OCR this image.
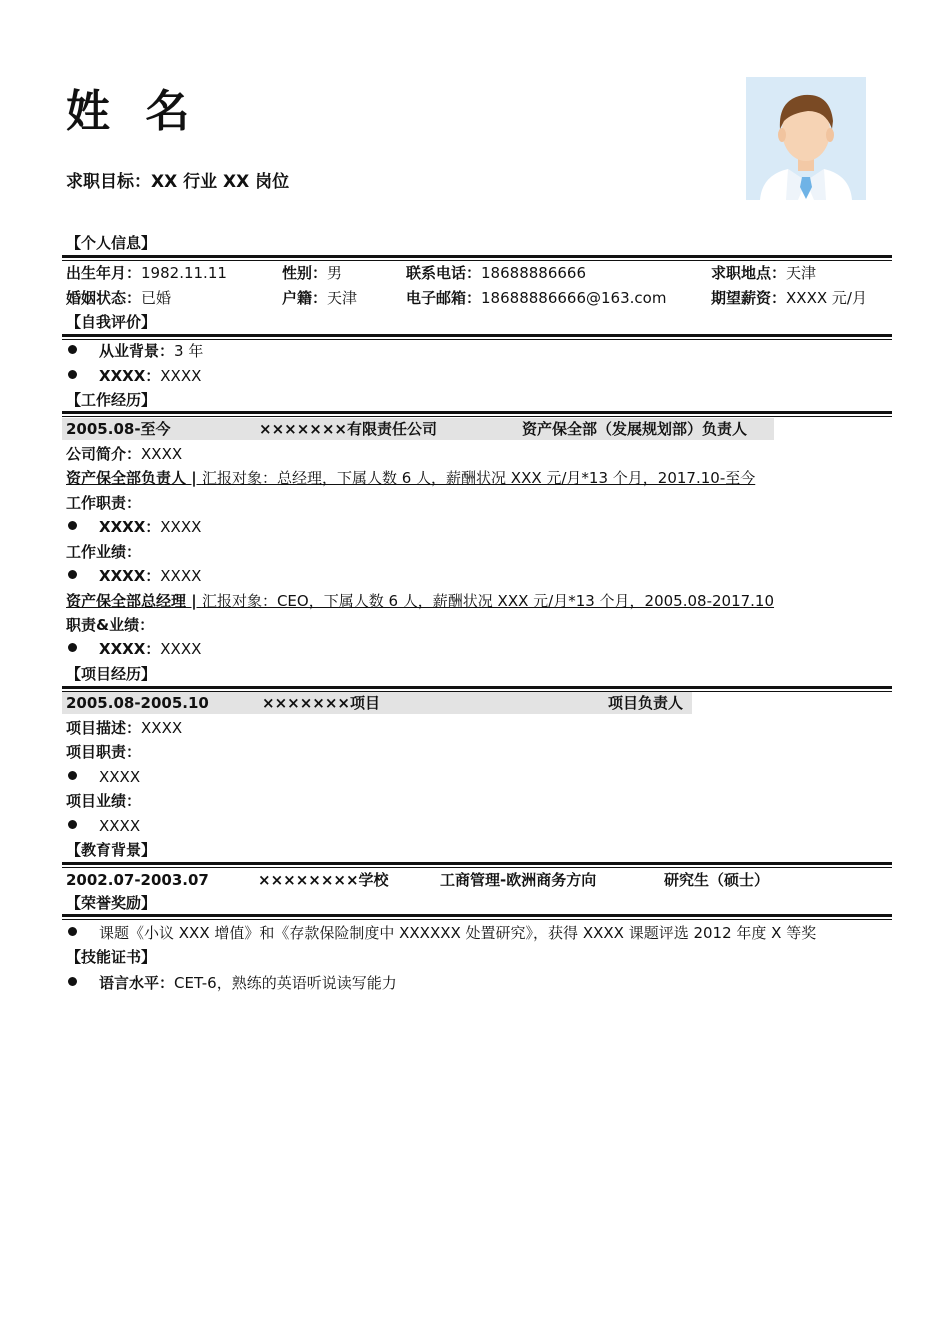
姓 名
求职目标：XX 行业 XX 岗位
【个人信息】
出生年月：1982.11.11	性别：男	联系电话：18688886666	求职地点：天津
婚姻状态：已婚	户籍：天津	电子邮箱：18688886666@163.com	期望薪资：XXXX 元/月
【自我评价】
从业背景：3 年
XXXX：XXXX
【工作经历】
2005.08-至今	×××××××有限责任公司	资产保全部（发展规划部）负责人
公司简介：XXXX
资产保全部负责人 | 汇报对象：总经理，下属人数 6 人，薪酬状况 XXX 元/月*13 个月，2017.10-至今
工作职责：
XXXX：XXXX
工作业绩：
XXXX：XXXX
资产保全部总经理 | 汇报对象：CEO，下属人数 6 人，薪酬状况 XXX 元/月*13 个月，2005.08-2017.10
职责&业绩：
XXXX：XXXX
【项目经历】
2005.08-2005.10	×××××××项目	项目负责人
项目描述：XXXX
项目职责：
XXXX
项目业绩：
XXXX
【教育背景】
2002.07-2003.07	××××××××学校	工商管理-欧洲商务方向	研究生（硕士）
【荣誉奖励】
课题《小议 XXX 增值》和《存款保险制度中 XXXXXX 处置研究》，获得 XXXX 课题评选 2012 年度 X 等奖
【技能证书】
语言水平：CET-6，熟练的英语听说读写能力
